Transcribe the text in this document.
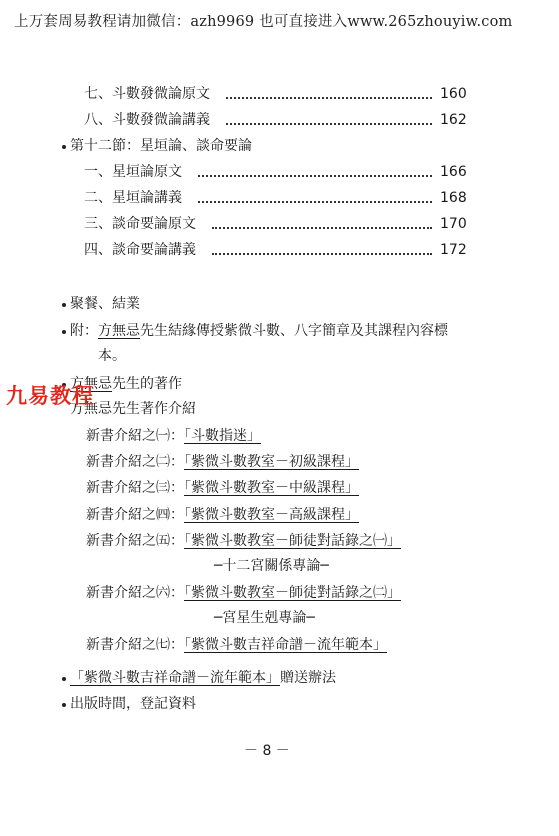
上万套周易教程请加微信：azh9969 也可直接进入www.265zhouyiw.com
七、斗數發微論原文	160
八、斗數發微論講義	162
第十二節：星垣論、談命要論
一、星垣論原文	166
二、星垣論講義	168
三、談命要論原文	170
四、談命要論講義	172
聚餐、結業
附：方無忌先生結緣傳授紫微斗數、八字簡章及其課程內容標
本。
方無忌先生的著作
方無忌先生著作介紹
九易教程
新書介紹之㈠：「斗數指迷」
新書介紹之㈡：「紫微斗數教室－初級課程」
新書介紹之㈢：「紫微斗數教室－中級課程」
新書介紹之㈣：「紫微斗數教室－高級課程」
新書介紹之㈤：「紫微斗數教室－師徒對話錄之㈠」
─十二宮關係專論─
新書介紹之㈥：「紫微斗數教室－師徒對話錄之㈡」
─宮星生剋專論─
新書介紹之㈦：「紫微斗數吉祥命譜－流年範本」
「紫微斗數吉祥命譜－流年範本」贈送辦法
出版時間，登記資料
－ 8 －
